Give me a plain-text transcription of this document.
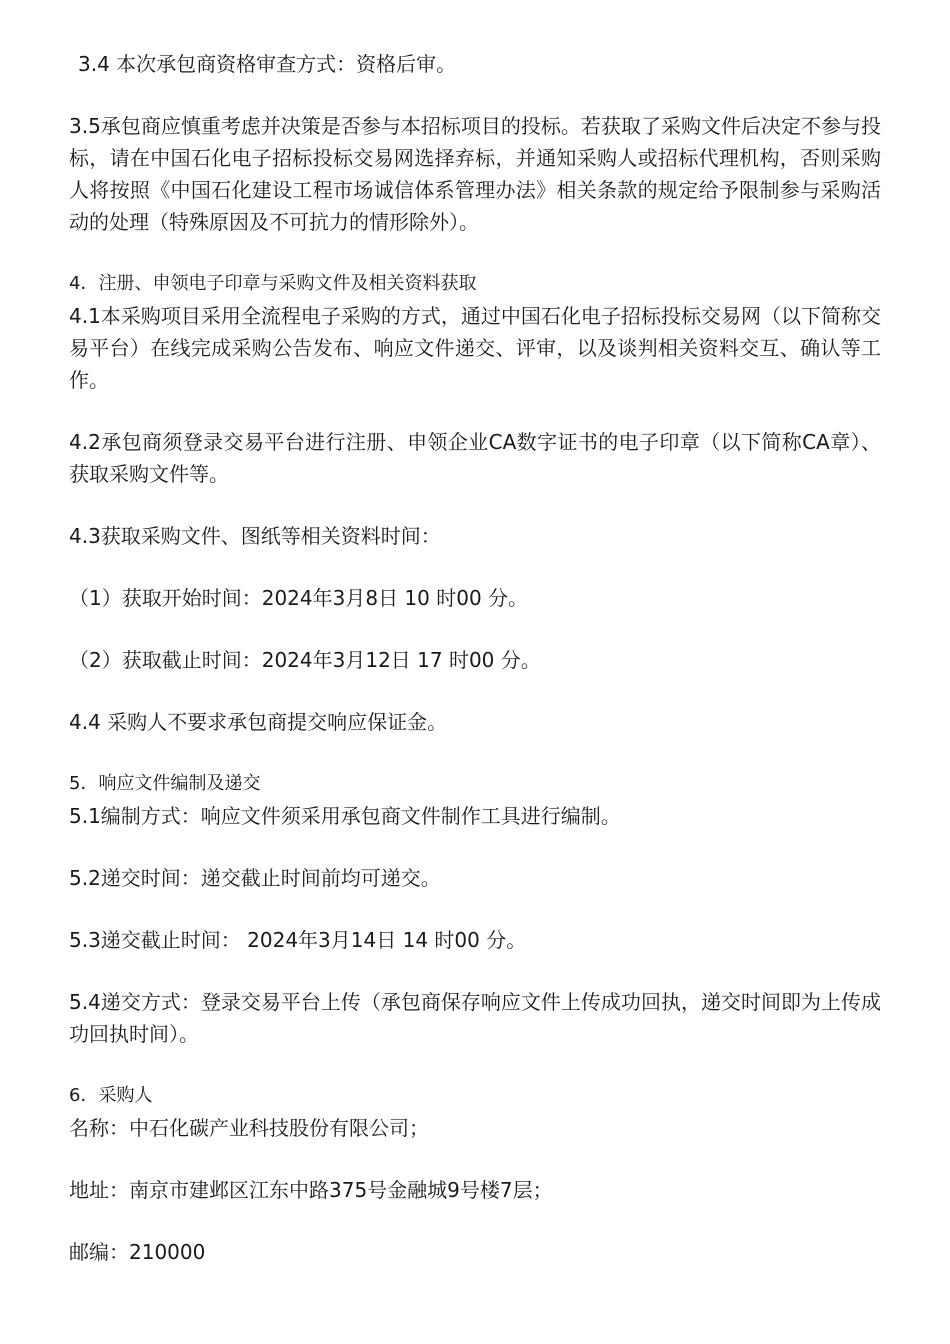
3.4 本次承包商资格审查方式：资格后审。

3.5承包商应慎重考虑并决策是否参与本招标项目的投标。若获取了采购文件后决定不参与投标，请在中国石化电子招标投标交易网选择弃标，并通知采购人或招标代理机构，否则采购人将按照《中国石化建设工程市场诚信体系管理办法》相关条款的规定给予限制参与采购活动的处理（特殊原因及不可抗力的情形除外）。

4．注册、申领电子印章与采购文件及相关资料获取
4.1本采购项目采用全流程电子采购的方式，通过中国石化电子招标投标交易网（以下简称交易平台）在线完成采购公告发布、响应文件递交、评审，以及谈判相关资料交互、确认等工作。

4.2承包商须登录交易平台进行注册、申领企业CA数字证书的电子印章（以下简称CA章）、获取采购文件等。

4.3获取采购文件、图纸等相关资料时间：

（1）获取开始时间：2024年3月8日 10 时00 分。

（2）获取截止时间：2024年3月12日 17 时00 分。

4.4 采购人不要求承包商提交响应保证金。

5．响应文件编制及递交
5.1编制方式：响应文件须采用承包商文件制作工具进行编制。

5.2递交时间：递交截止时间前均可递交。

5.3递交截止时间： 2024年3月14日 14 时00 分。

5.4递交方式：登录交易平台上传（承包商保存响应文件上传成功回执，递交时间即为上传成功回执时间）。

6．采购人
名称：中石化碳产业科技股份有限公司；

地址：南京市建邺区江东中路375号金融城9号楼7层；

邮编：210000
